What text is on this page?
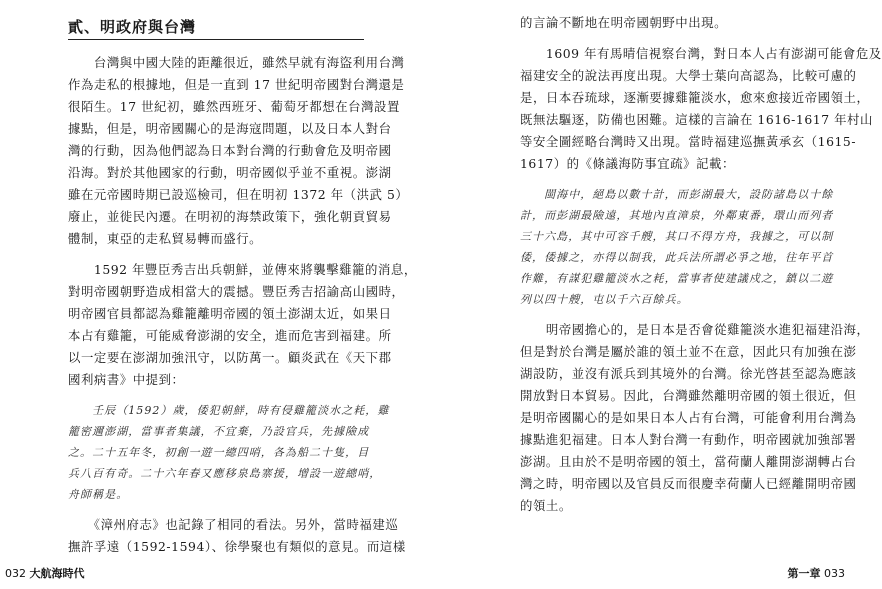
貳、明政府與台灣
　　台灣與中國大陸的距離很近，雖然早就有海盜利用台灣
作為走私的根據地，但是一直到 17 世紀明帝國對台灣還是
很陌生。17 世紀初，雖然西班牙、葡萄牙都想在台灣設置
據點，但是，明帝國關心的是海寇問題，以及日本人對台
灣的行動，因為他們認為日本對台灣的行動會危及明帝國
沿海。對於其他國家的行動，明帝國似乎並不重視。澎湖
雖在元帝國時期已設巡檢司，但在明初 1372 年（洪武 5）
廢止，並徙民內遷。在明初的海禁政策下，強化朝貢貿易
體制，東亞的走私貿易轉而盛行。
　　1592 年豐臣秀吉出兵朝鮮，並傳來將襲擊雞籠的消息，
對明帝國朝野造成相當大的震撼。豐臣秀吉招諭高山國時，
明帝國官員都認為雞籠離明帝國的領土澎湖太近，如果日
本占有雞籠，可能威脅澎湖的安全，進而危害到福建。所
以一定要在澎湖加強汛守，以防萬一。顧炎武在《天下郡
國利病書》中提到：
　　壬辰（1592）歲，倭犯朝鮮，時有侵雞籠淡水之耗，雞
籠密邇澎湖，當事者集議，不宜棄，乃設官兵，先據險成
之。二十五年冬，初創一遊一總四哨，各為船二十隻，目
兵八百有奇。二十六年春又應移泉島寨援，增設一遊總哨，
舟師稱是。
　　《漳州府志》也記錄了相同的看法。另外，當時福建巡
撫許孚遠（1592-1594）、徐學聚也有類似的意見。而這樣
032 大航海時代
的言論不斷地在明帝國朝野中出現。
　　1609 年有馬晴信視察台灣，對日本人占有澎湖可能會危及
福建安全的說法再度出現。大學士葉向高認為，比較可慮的
是，日本吞琉球，逐漸要據雞籠淡水，愈來愈接近帝國領土，
既無法驅逐，防備也困難。這樣的言論在 1616-1617 年村山
等安全圖經略台灣時又出現。當時福建巡撫黃承玄（1615-
1617）的《條議海防事宜疏》記載：
　　閩海中，絕島以數十計，而彭湖最大，設防諸島以十餘
計，而彭湖最險遠，其地內直漳泉，外鄰東番，環山而列者
三十六島，其中可容千艘，其口不得方舟，我據之，可以制
倭，倭據之，亦得以制我，此兵法所謂必爭之地，往年平首
作難，有謀犯雞籠淡水之耗，當事者使建議戍之，鎮以二遊
列以四十艘，屯以千六百餘兵。
　　明帝國擔心的，是日本是否會從雞籠淡水進犯福建沿海，
但是對於台灣是屬於誰的領土並不在意，因此只有加強在澎
湖設防，並沒有派兵到其境外的台灣。徐光啓甚至認為應該
開放對日本貿易。因此，台灣雖然離明帝國的領土很近，但
是明帝國關心的是如果日本人占有台灣，可能會利用台灣為
據點進犯福建。日本人對台灣一有動作，明帝國就加強部署
澎湖。且由於不是明帝國的領土，當荷蘭人離開澎湖轉占台
灣之時，明帝國以及官員反而很慶幸荷蘭人已經離開明帝國
的領土。
第一章 033
